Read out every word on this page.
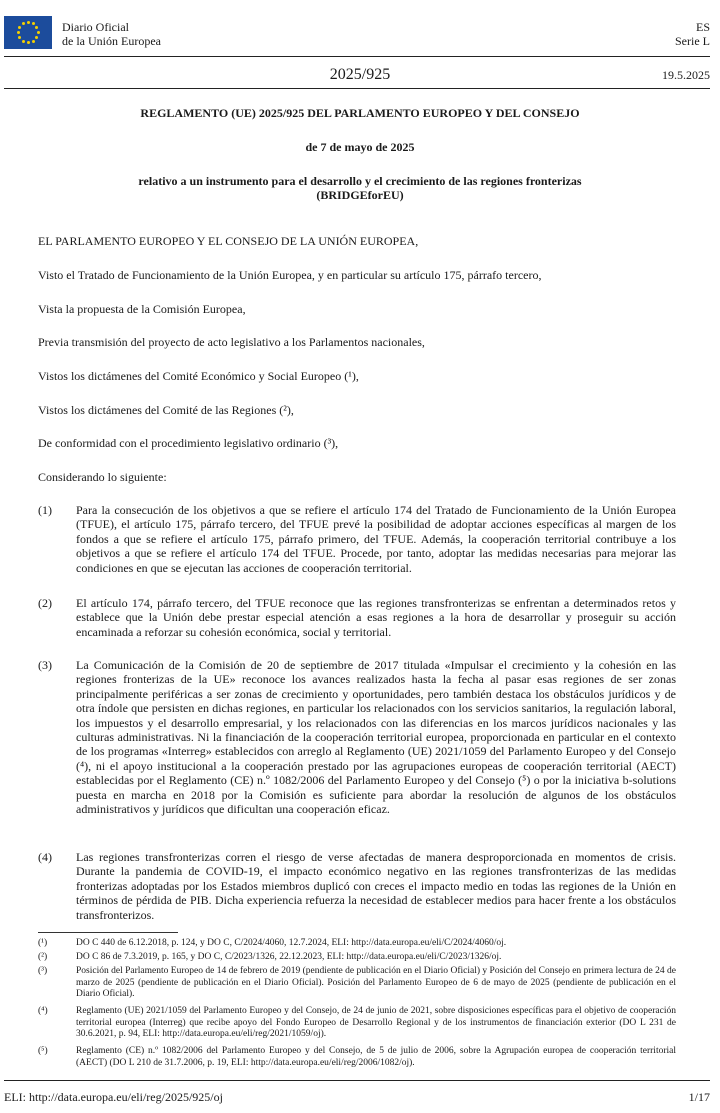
Diario Oficial
de la Unión Europea
ES
Serie L
2025/925	19.5.2025
REGLAMENTO (UE) 2025/925 DEL PARLAMENTO EUROPEO Y DEL CONSEJO
de 7 de mayo de 2025
relativo a un instrumento para el desarrollo y el crecimiento de las regiones fronterizas
(BRIDGEforEU)
EL PARLAMENTO EUROPEO Y EL CONSEJO DE LA UNIÓN EUROPEA,
Visto el Tratado de Funcionamiento de la Unión Europea, y en particular su artículo 175, párrafo tercero,
Vista la propuesta de la Comisión Europea,
Previa transmisión del proyecto de acto legislativo a los Parlamentos nacionales,
Vistos los dictámenes del Comité Económico y Social Europeo (¹),
Vistos los dictámenes del Comité de las Regiones (²),
De conformidad con el procedimiento legislativo ordinario (³),
Considerando lo siguiente:
(1) Para la consecución de los objetivos a que se refiere el artículo 174 del Tratado de Funcionamiento de la Unión Europea (TFUE), el artículo 175, párrafo tercero, del TFUE prevé la posibilidad de adoptar acciones específicas al margen de los fondos a que se refiere el artículo 175, párrafo primero, del TFUE. Además, la cooperación territorial contribuye a los objetivos a que se refiere el artículo 174 del TFUE. Procede, por tanto, adoptar las medidas necesarias para mejorar las condiciones en que se ejecutan las acciones de cooperación territorial.
(2) El artículo 174, párrafo tercero, del TFUE reconoce que las regiones transfronterizas se enfrentan a determinados retos y establece que la Unión debe prestar especial atención a esas regiones a la hora de desarrollar y proseguir su acción encaminada a reforzar su cohesión económica, social y territorial.
(3) La Comunicación de la Comisión de 20 de septiembre de 2017 titulada «Impulsar el crecimiento y la cohesión en las regiones fronterizas de la UE» reconoce los avances realizados hasta la fecha al pasar esas regiones de ser zonas principalmente periféricas a ser zonas de crecimiento y oportunidades, pero también destaca los obstáculos jurídicos y de otra índole que persisten en dichas regiones, en particular los relacionados con los servicios sanitarios, la regulación laboral, los impuestos y el desarrollo empresarial, y los relacionados con las diferencias en los marcos jurídicos nacionales y las culturas administrativas. Ni la financiación de la cooperación territorial europea, proporcionada en particular en el contexto de los programas «Interreg» establecidos con arreglo al Reglamento (UE) 2021/1059 del Parlamento Europeo y del Consejo (⁴), ni el apoyo institucional a la cooperación prestado por las agrupaciones europeas de cooperación territorial (AECT) establecidas por el Reglamento (CE) n.º 1082/2006 del Parlamento Europeo y del Consejo (⁵) o por la iniciativa b-solutions puesta en marcha en 2018 por la Comisión es suficiente para abordar la resolución de algunos de los obstáculos administrativos y jurídicos que dificultan una cooperación eficaz.
(4) Las regiones transfronterizas corren el riesgo de verse afectadas de manera desproporcionada en momentos de crisis. Durante la pandemia de COVID-19, el impacto económico negativo en las regiones transfronterizas de las medidas fronterizas adoptadas por los Estados miembros duplicó con creces el impacto medio en todas las regiones de la Unión en términos de pérdida de PIB. Dicha experiencia refuerza la necesidad de establecer medios para hacer frente a los obstáculos transfronterizos.
(¹)	DO C 440 de 6.12.2018, p. 124, y DO C, C/2024/4060, 12.7.2024, ELI: http://data.europa.eu/eli/C/2024/4060/oj.
(²)	DO C 86 de 7.3.2019, p. 165, y DO C, C/2023/1326, 22.12.2023, ELI: http://data.europa.eu/eli/C/2023/1326/oj.
(³)	Posición del Parlamento Europeo de 14 de febrero de 2019 (pendiente de publicación en el Diario Oficial) y Posición del Consejo en primera lectura de 24 de marzo de 2025 (pendiente de publicación en el Diario Oficial). Posición del Parlamento Europeo de 6 de mayo de 2025 (pendiente de publicación en el Diario Oficial).
(⁴)	Reglamento (UE) 2021/1059 del Parlamento Europeo y del Consejo, de 24 de junio de 2021, sobre disposiciones específicas para el objetivo de cooperación territorial europea (Interreg) que recibe apoyo del Fondo Europeo de Desarrollo Regional y de los instrumentos de financiación exterior (DO L 231 de 30.6.2021, p. 94, ELI: http://data.europa.eu/eli/reg/2021/1059/oj).
(⁵)	Reglamento (CE) n.º 1082/2006 del Parlamento Europeo y del Consejo, de 5 de julio de 2006, sobre la Agrupación europea de cooperación territorial (AECT) (DO L 210 de 31.7.2006, p. 19, ELI: http://data.europa.eu/eli/reg/2006/1082/oj).
ELI: http://data.europa.eu/eli/reg/2025/925/oj	1/17
